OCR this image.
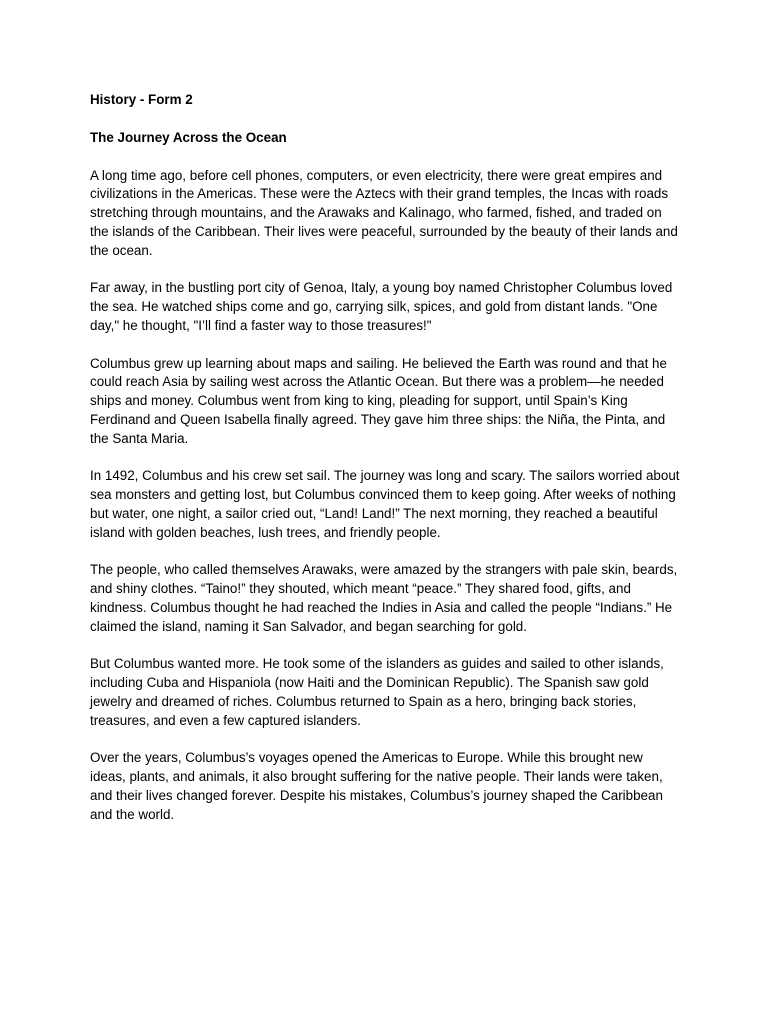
History - Form 2

The Journey Across the Ocean

A long time ago, before cell phones, computers, or even electricity, there were great empires and civilizations in the Americas. These were the Aztecs with their grand temples, the Incas with roads stretching through mountains, and the Arawaks and Kalinago, who farmed, fished, and traded on the islands of the Caribbean. Their lives were peaceful, surrounded by the beauty of their lands and the ocean.

Far away, in the bustling port city of Genoa, Italy, a young boy named Christopher Columbus loved the sea. He watched ships come and go, carrying silk, spices, and gold from distant lands. "One day," he thought, "I’ll find a faster way to those treasures!"

Columbus grew up learning about maps and sailing. He believed the Earth was round and that he could reach Asia by sailing west across the Atlantic Ocean. But there was a problem—he needed ships and money. Columbus went from king to king, pleading for support, until Spain’s King Ferdinand and Queen Isabella finally agreed. They gave him three ships: the Niña, the Pinta, and the Santa Maria.

In 1492, Columbus and his crew set sail. The journey was long and scary. The sailors worried about sea monsters and getting lost, but Columbus convinced them to keep going. After weeks of nothing but water, one night, a sailor cried out, “Land! Land!” The next morning, they reached a beautiful island with golden beaches, lush trees, and friendly people.

The people, who called themselves Arawaks, were amazed by the strangers with pale skin, beards, and shiny clothes. “Taino!” they shouted, which meant “peace.” They shared food, gifts, and kindness. Columbus thought he had reached the Indies in Asia and called the people “Indians.” He claimed the island, naming it San Salvador, and began searching for gold.

But Columbus wanted more. He took some of the islanders as guides and sailed to other islands, including Cuba and Hispaniola (now Haiti and the Dominican Republic). The Spanish saw gold jewelry and dreamed of riches. Columbus returned to Spain as a hero, bringing back stories, treasures, and even a few captured islanders.

Over the years, Columbus’s voyages opened the Americas to Europe. While this brought new ideas, plants, and animals, it also brought suffering for the native people. Their lands were taken, and their lives changed forever. Despite his mistakes, Columbus’s journey shaped the Caribbean and the world.
